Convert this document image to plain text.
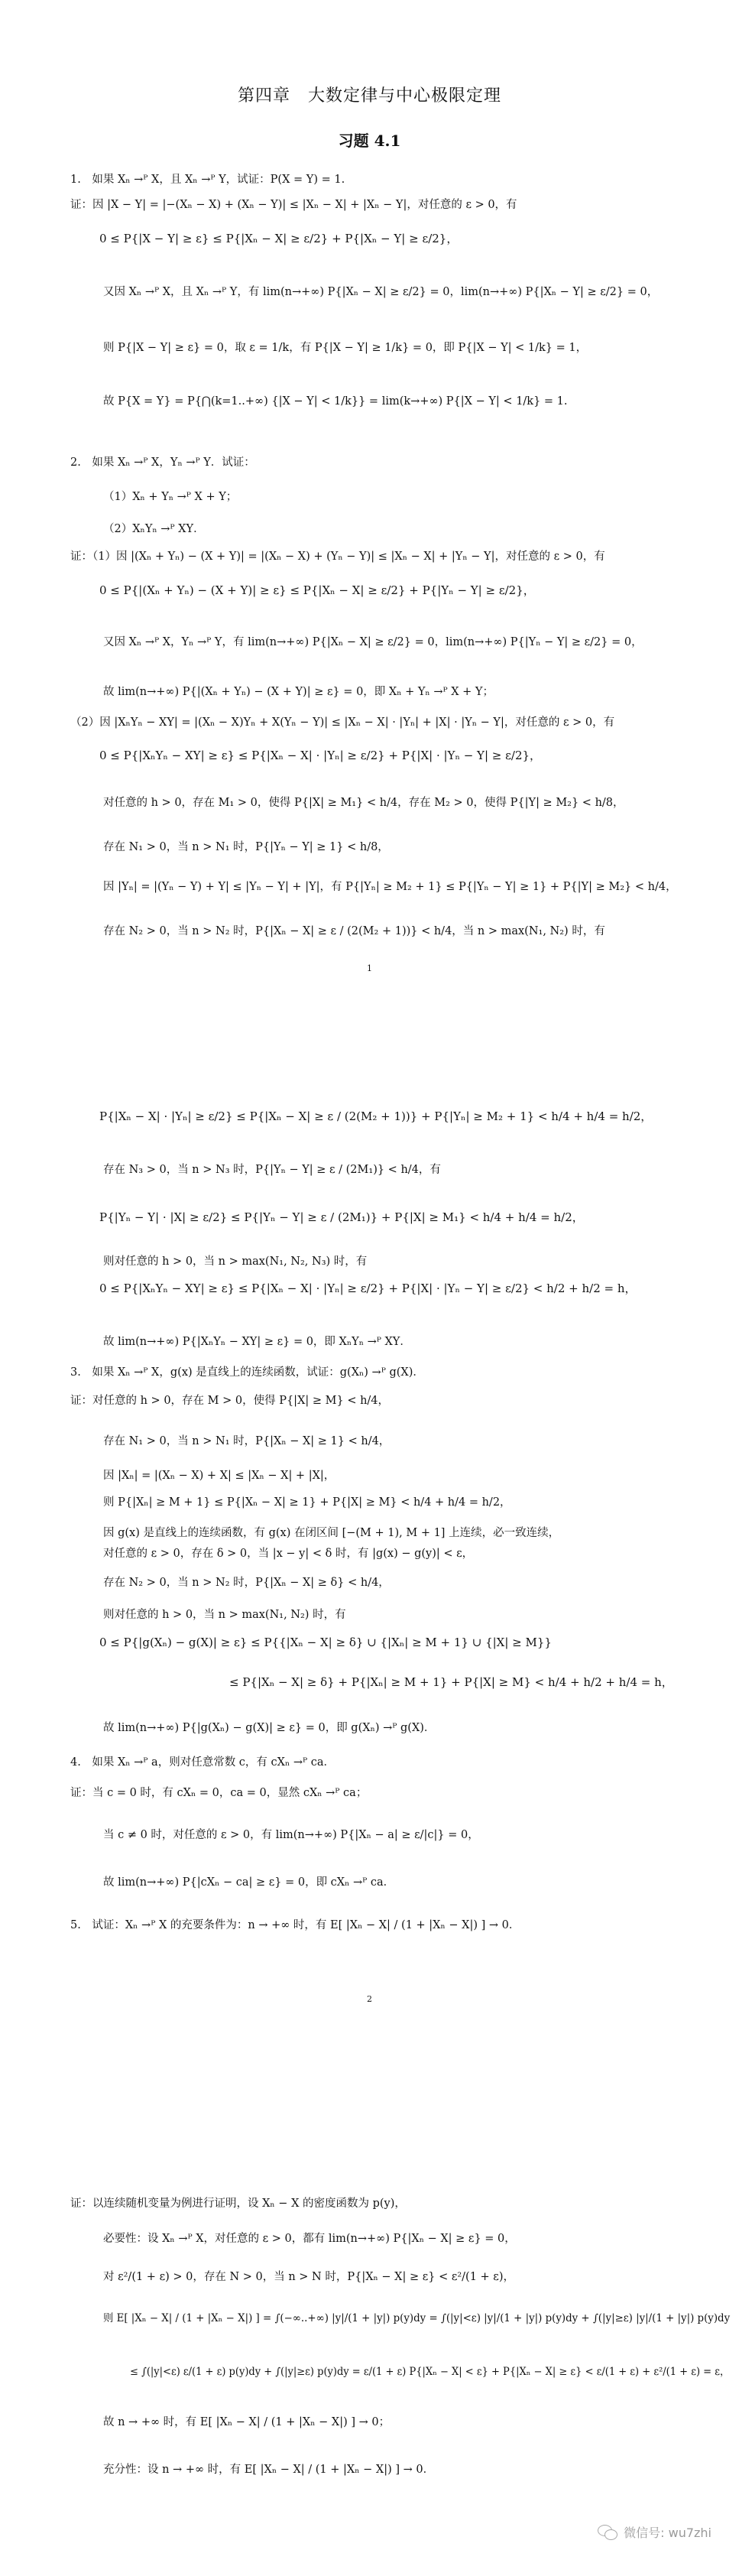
第四章　大数定律与中心极限定理
习题 4.1
1.　如果 Xₙ →ᴾ X，且 Xₙ →ᴾ Y，试证：P(X = Y) = 1.
证：因 |X − Y| = |−(Xₙ − X) + (Xₙ − Y)| ≤ |Xₙ − X| + |Xₙ − Y|，对任意的 ε > 0，有
0 ≤ P{|X − Y| ≥ ε} ≤ P{|Xₙ − X| ≥ ε/2} + P{|Xₙ − Y| ≥ ε/2}，
又因 Xₙ →ᴾ X，且 Xₙ →ᴾ Y，有 lim(n→+∞) P{|Xₙ − X| ≥ ε/2} = 0，lim(n→+∞) P{|Xₙ − Y| ≥ ε/2} = 0，
则 P{|X − Y| ≥ ε} = 0，取 ε = 1/k，有 P{|X − Y| ≥ 1/k} = 0，即 P{|X − Y| < 1/k} = 1，
故 P{X = Y} = P{⋂(k=1..+∞) {|X − Y| < 1/k}} = lim(k→+∞) P{|X − Y| < 1/k} = 1.
2.　如果 Xₙ →ᴾ X，Yₙ →ᴾ Y．试证：
（1）Xₙ + Yₙ →ᴾ X + Y；
（2）XₙYₙ →ᴾ XY．
证：（1）因 |(Xₙ + Yₙ) − (X + Y)| = |(Xₙ − X) + (Yₙ − Y)| ≤ |Xₙ − X| + |Yₙ − Y|，对任意的 ε > 0，有
0 ≤ P{|(Xₙ + Yₙ) − (X + Y)| ≥ ε} ≤ P{|Xₙ − X| ≥ ε/2} + P{|Yₙ − Y| ≥ ε/2}，
又因 Xₙ →ᴾ X，Yₙ →ᴾ Y，有 lim(n→+∞) P{|Xₙ − X| ≥ ε/2} = 0，lim(n→+∞) P{|Yₙ − Y| ≥ ε/2} = 0，
故 lim(n→+∞) P{|(Xₙ + Yₙ) − (X + Y)| ≥ ε} = 0，即 Xₙ + Yₙ →ᴾ X + Y；
（2）因 |XₙYₙ − XY| = |(Xₙ − X)Yₙ + X(Yₙ − Y)| ≤ |Xₙ − X| · |Yₙ| + |X| · |Yₙ − Y|，对任意的 ε > 0，有
0 ≤ P{|XₙYₙ − XY| ≥ ε} ≤ P{|Xₙ − X| · |Yₙ| ≥ ε/2} + P{|X| · |Yₙ − Y| ≥ ε/2}，
对任意的 h > 0，存在 M₁ > 0，使得 P{|X| ≥ M₁} < h/4，存在 M₂ > 0，使得 P{|Y| ≥ M₂} < h/8，
存在 N₁ > 0，当 n > N₁ 时，P{|Yₙ − Y| ≥ 1} < h/8，
因 |Yₙ| = |(Yₙ − Y) + Y| ≤ |Yₙ − Y| + |Y|，有 P{|Yₙ| ≥ M₂ + 1} ≤ P{|Yₙ − Y| ≥ 1} + P{|Y| ≥ M₂} < h/4，
存在 N₂ > 0，当 n > N₂ 时，P{|Xₙ − X| ≥ ε / (2(M₂ + 1))} < h/4，当 n > max(N₁, N₂) 时，有
1
P{|Xₙ − X| · |Yₙ| ≥ ε/2} ≤ P{|Xₙ − X| ≥ ε / (2(M₂ + 1))} + P{|Yₙ| ≥ M₂ + 1} < h/4 + h/4 = h/2，
存在 N₃ > 0，当 n > N₃ 时，P{|Yₙ − Y| ≥ ε / (2M₁)} < h/4，有
P{|Yₙ − Y| · |X| ≥ ε/2} ≤ P{|Yₙ − Y| ≥ ε / (2M₁)} + P{|X| ≥ M₁} < h/4 + h/4 = h/2，
则对任意的 h > 0，当 n > max(N₁, N₂, N₃) 时，有
0 ≤ P{|XₙYₙ − XY| ≥ ε} ≤ P{|Xₙ − X| · |Yₙ| ≥ ε/2} + P{|X| · |Yₙ − Y| ≥ ε/2} < h/2 + h/2 = h，
故 lim(n→+∞) P{|XₙYₙ − XY| ≥ ε} = 0，即 XₙYₙ →ᴾ XY．
3.　如果 Xₙ →ᴾ X，g(x) 是直线上的连续函数，试证：g(Xₙ) →ᴾ g(X)．
证：对任意的 h > 0，存在 M > 0，使得 P{|X| ≥ M} < h/4，
存在 N₁ > 0，当 n > N₁ 时，P{|Xₙ − X| ≥ 1} < h/4，
因 |Xₙ| = |(Xₙ − X) + X| ≤ |Xₙ − X| + |X|，
则 P{|Xₙ| ≥ M + 1} ≤ P{|Xₙ − X| ≥ 1} + P{|X| ≥ M} < h/4 + h/4 = h/2，
因 g(x) 是直线上的连续函数，有 g(x) 在闭区间 [−(M + 1), M + 1] 上连续，必一致连续，
对任意的 ε > 0，存在 δ > 0，当 |x − y| < δ 时，有 |g(x) − g(y)| < ε，
存在 N₂ > 0，当 n > N₂ 时，P{|Xₙ − X| ≥ δ} < h/4，
则对任意的 h > 0，当 n > max(N₁, N₂) 时，有
0 ≤ P{|g(Xₙ) − g(X)| ≥ ε} ≤ P{{|Xₙ − X| ≥ δ} ∪ {|Xₙ| ≥ M + 1} ∪ {|X| ≥ M}}
≤ P{|Xₙ − X| ≥ δ} + P{|Xₙ| ≥ M + 1} + P{|X| ≥ M} < h/4 + h/2 + h/4 = h，
故 lim(n→+∞) P{|g(Xₙ) − g(X)| ≥ ε} = 0，即 g(Xₙ) →ᴾ g(X)．
4.　如果 Xₙ →ᴾ a，则对任意常数 c，有 cXₙ →ᴾ ca．
证：当 c = 0 时，有 cXₙ = 0，ca = 0，显然 cXₙ →ᴾ ca；
当 c ≠ 0 时，对任意的 ε > 0，有 lim(n→+∞) P{|Xₙ − a| ≥ ε/|c|} = 0，
故 lim(n→+∞) P{|cXₙ − ca| ≥ ε} = 0，即 cXₙ →ᴾ ca．
5.　试证：Xₙ →ᴾ X 的充要条件为：n → +∞ 时，有 E[ |Xₙ − X| / (1 + |Xₙ − X|) ] → 0．
2
证：以连续随机变量为例进行证明，设 Xₙ − X 的密度函数为 p(y)，
必要性：设 Xₙ →ᴾ X，对任意的 ε > 0，都有 lim(n→+∞) P{|Xₙ − X| ≥ ε} = 0，
对 ε²/(1 + ε) > 0，存在 N > 0，当 n > N 时，P{|Xₙ − X| ≥ ε} < ε²/(1 + ε)，
则 E[ |Xₙ − X| / (1 + |Xₙ − X|) ] = ∫(−∞..+∞) |y|/(1 + |y|) p(y)dy = ∫(|y|<ε) |y|/(1 + |y|) p(y)dy + ∫(|y|≥ε) |y|/(1 + |y|) p(y)dy
≤ ∫(|y|<ε) ε/(1 + ε) p(y)dy + ∫(|y|≥ε) p(y)dy = ε/(1 + ε) P{|Xₙ − X| < ε} + P{|Xₙ − X| ≥ ε} < ε/(1 + ε) + ε²/(1 + ε) = ε，
故 n → +∞ 时，有 E[ |Xₙ − X| / (1 + |Xₙ − X|) ] → 0；
充分性：设 n → +∞ 时，有 E[ |Xₙ − X| / (1 + |Xₙ − X|) ] → 0．
微信号: wu7zhi
